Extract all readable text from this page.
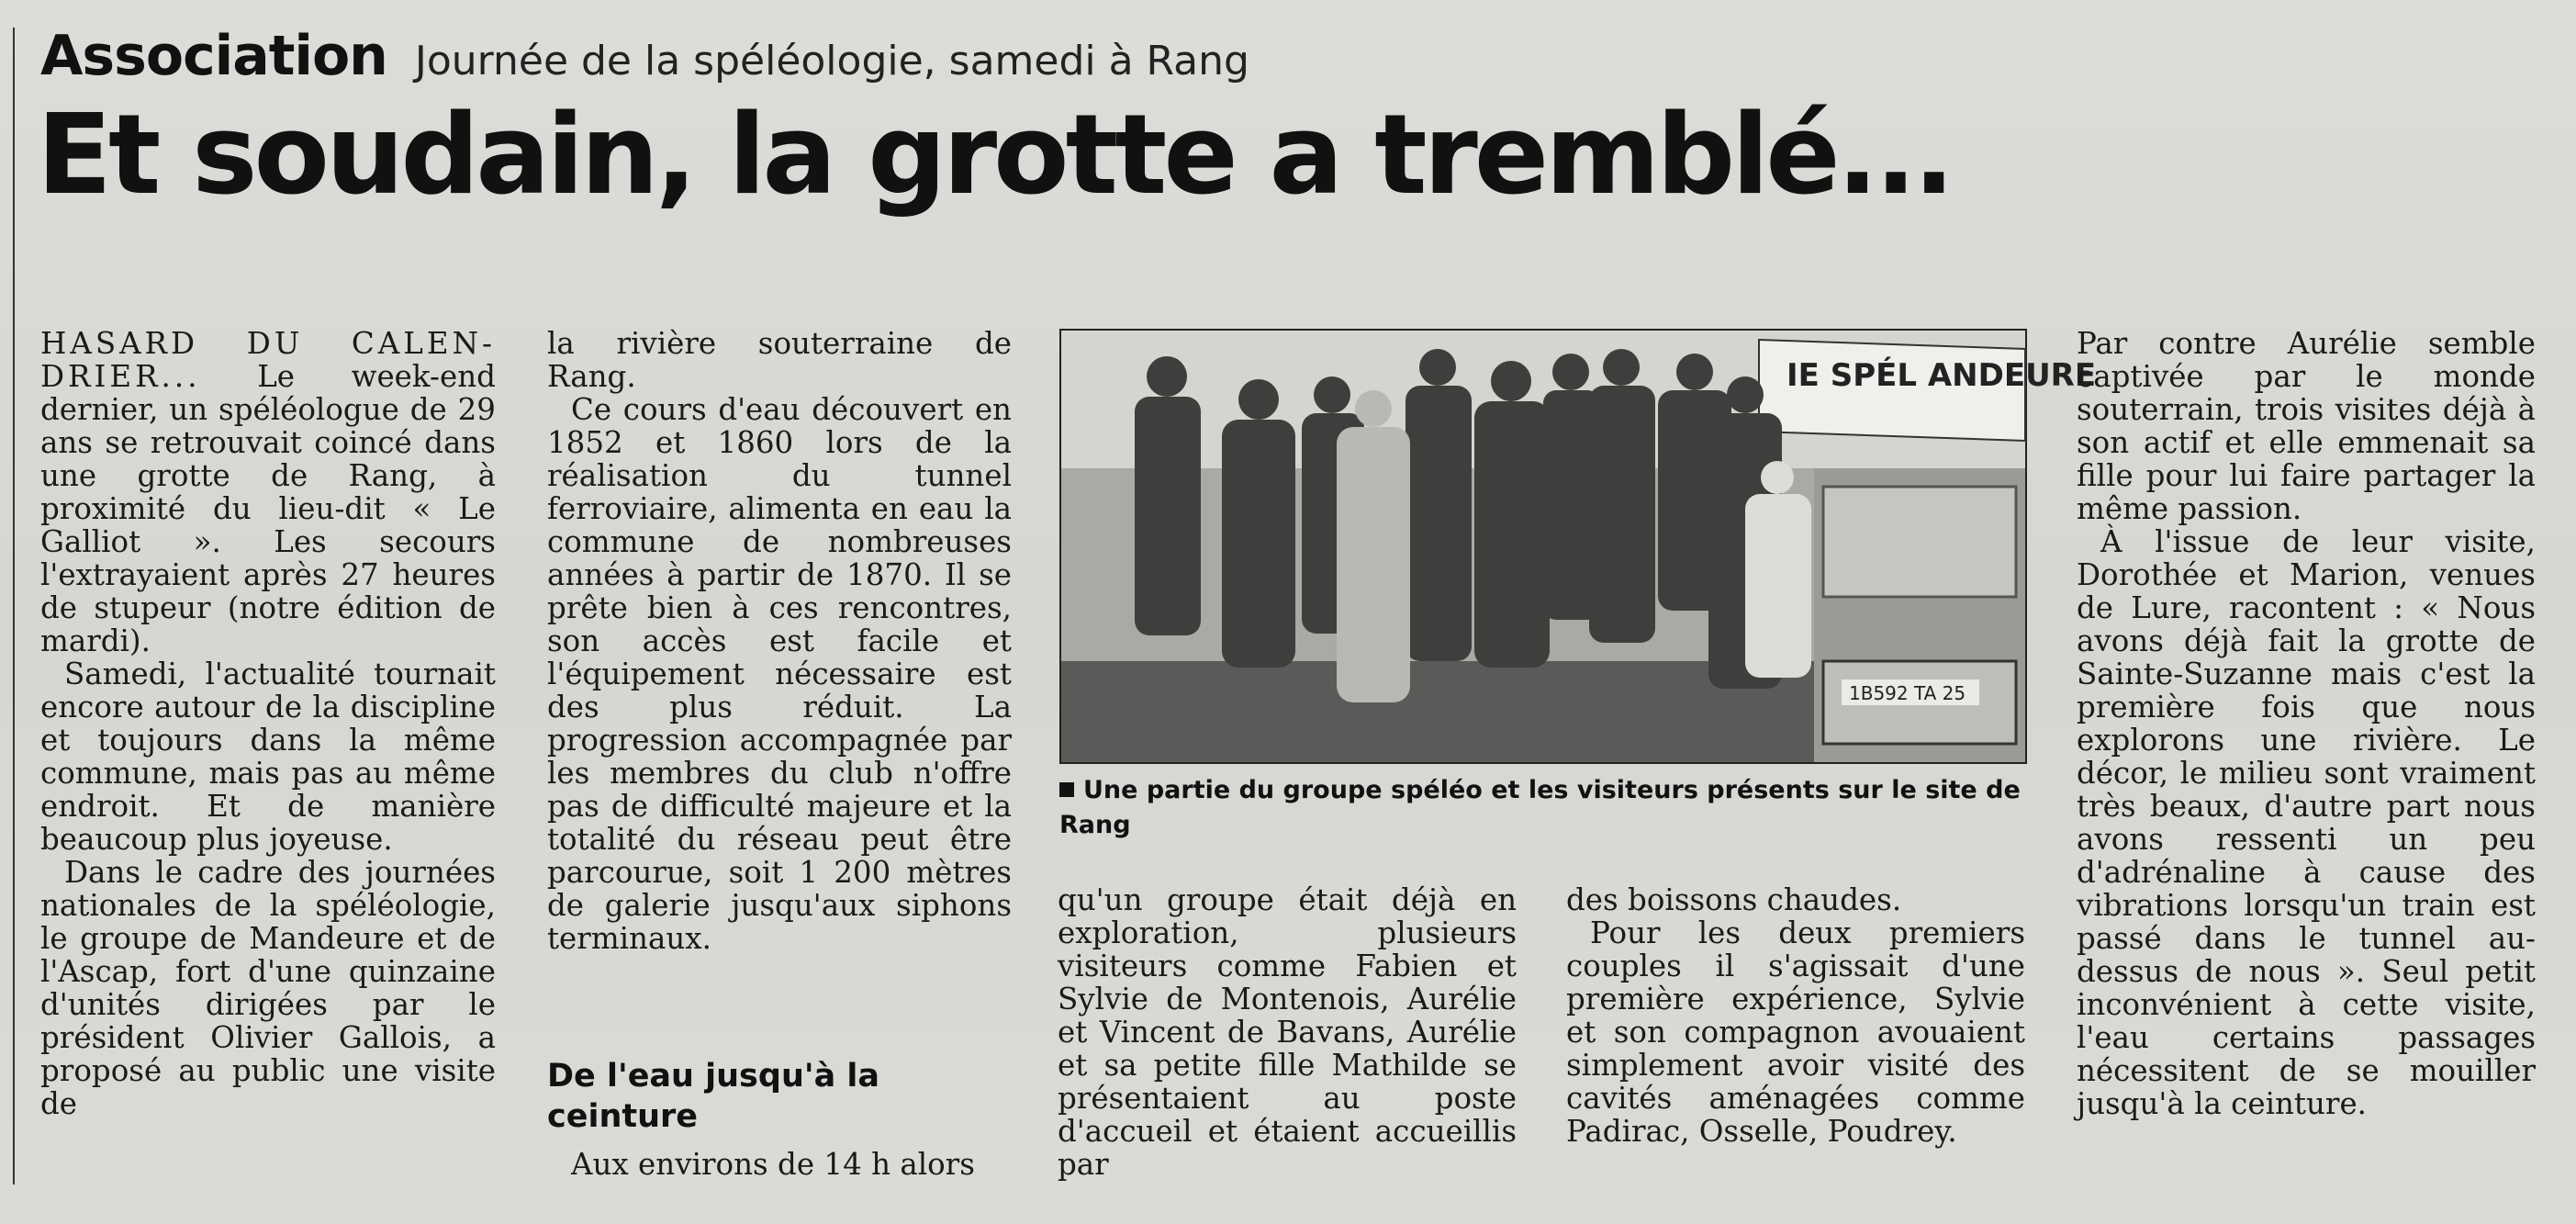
Association Journée de la spéléologie, samedi à Rang
Et soudain, la grotte a tremblé...

HASARD DU CALEN-DRIER... Le week-end dernier, un spéléologue de 29 ans se retrouvait coincé dans une grotte de Rang, à proximité du lieu-dit « Le Galliot ». Les secours l'extrayaient après 27 heures de stupeur (notre édition de mardi).

Samedi, l'actualité tournait encore autour de la discipline et toujours dans la même commune, mais pas au même endroit. Et de manière beaucoup plus joyeuse.

Dans le cadre des journées nationales de la spéléologie, le groupe de Mandeure et de l'Ascap, fort d'une quinzaine d'unités dirigées par le président Olivier Gallois, a proposé au public une visite de

la rivière souterraine de Rang.

Ce cours d'eau découvert en 1852 et 1860 lors de la réalisation du tunnel ferroviaire, alimenta en eau la commune de nombreuses années à partir de 1870. Il se prête bien à ces rencontres, son accès est facile et l'équipement nécessaire est des plus réduit. La progression accompagnée par les membres du club n'offre pas de difficulté majeure et la totalité du réseau peut être parcourue, soit 1 200 mètres de galerie jusqu'aux siphons terminaux.

De l'eau jusqu'à la ceinture

Aux environs de 14 h alors

IE SPÉL ANDEURE
1B592 TA 25

Une partie du groupe spéléo et les visiteurs présents sur le site de Rang

qu'un groupe était déjà en exploration, plusieurs visiteurs comme Fabien et Sylvie de Montenois, Aurélie et Vincent de Bavans, Aurélie et sa petite fille Mathilde se présentaient au poste d'accueil et étaient accueillis par

des boissons chaudes.

Pour les deux premiers couples il s'agissait d'une première expérience, Sylvie et son compagnon avouaient simplement avoir visité des cavités aménagées comme Padirac, Osselle, Poudrey.

Par contre Aurélie semble captivée par le monde souterrain, trois visites déjà à son actif et elle emmenait sa fille pour lui faire partager la même passion.

À l'issue de leur visite, Dorothée et Marion, venues de Lure, racontent : « Nous avons déjà fait la grotte de Sainte-Suzanne mais c'est la première fois que nous explorons une rivière. Le décor, le milieu sont vraiment très beaux, d'autre part nous avons ressenti un peu d'adrénaline à cause des vibrations lorsqu'un train est passé dans le tunnel au-dessus de nous ». Seul petit inconvénient à cette visite, l'eau certains passages nécessitent de se mouiller jusqu'à la ceinture.
